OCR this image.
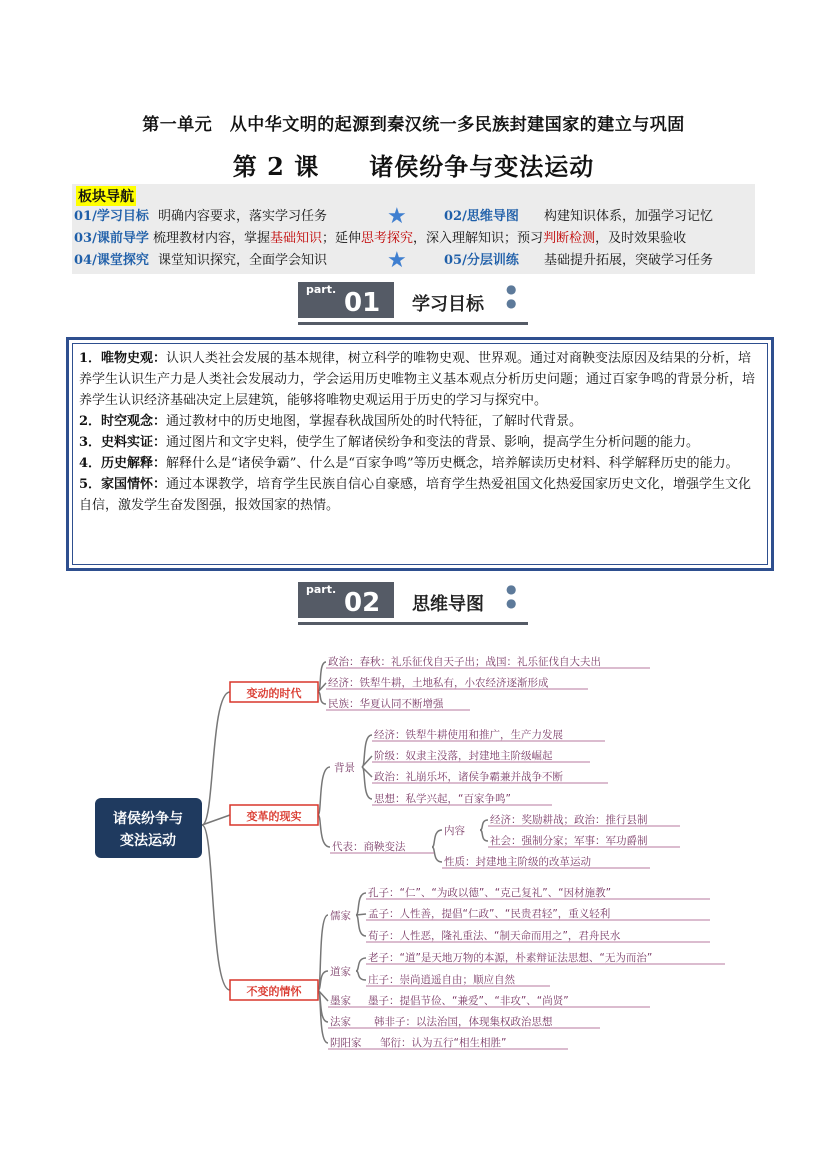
第一单元　从中华文明的起源到秦汉统一多民族封建国家的建立与巩固
第 2 课　　诸侯纷争与变法运动
板块导航
01/学习目标 明确内容要求，落实学习任务	02/思维导图 构建知识体系，加强学习记忆
★
03/课前导学 梳理教材内容，掌握基础知识；延伸思考探究，深入理解知识；预习判断检测，及时效果验收
04/课堂探究 课堂知识探究，全面学会知识	05/分层训练 基础提升拓展，突破学习任务
★
part. 01 学习目标
● ●
1．唯物史观：认识人类社会发展的基本规律，树立科学的唯物史观、世界观。通过对商鞅变法原因及结果的分析，培养学生认识生产力是人类社会发展动力，学会运用历史唯物主义基本观点分析历史问题；通过百家争鸣的背景分析，培养学生认识经济基础决定上层建筑，能够将唯物史观运用于历史的学习与探究中。
2．时空观念：通过教材中的历史地图，掌握春秋战国所处的时代特征，了解时代背景。
3．史料实证：通过图片和文字史料，使学生了解诸侯纷争和变法的背景、影响，提高学生分析问题的能力。
4．历史解释：解释什么是“诸侯争霸”、什么是“百家争鸣”等历史概念，培养解读历史材料、科学解释历史的能力。
5．家国情怀：通过本课教学，培育学生民族自信心自豪感，培育学生热爱祖国文化热爱国家历史文化，增强学生文化自信，激发学生奋发图强，报效国家的热情。
part. 02 思维导图
● ●
诸侯纷争与
变法运动
变动的时代
变革的现实
不变的情怀
政治：春秋：礼乐征伐自天子出；战国：礼乐征伐自大夫出
经济：铁犁牛耕，土地私有，小农经济逐渐形成
民族：华夏认同不断增强
背景
经济：铁犁牛耕使用和推广，生产力发展
阶级：奴隶主没落，封建地主阶级崛起
政治：礼崩乐坏，诸侯争霸兼并战争不断
思想：私学兴起，“百家争鸣”
代表：商鞅变法
内容
经济：奖励耕战；政治：推行县制
社会：强制分家；军事：军功爵制
性质：封建地主阶级的改革运动
儒家
孔子：“仁”、“为政以德”、“克己复礼”、“因材施教”
孟子：人性善，提倡“仁政”、“民贵君轻”，重义轻利
荀子：人性恶，隆礼重法、“制天命而用之”，君舟民水
道家
老子：“道”是天地万物的本源，朴素辩证法思想、“无为而治”
庄子：崇尚逍遥自由；顺应自然
墨家 墨子：提倡节俭、“兼爱”、“非攻”、“尚贤”
法家 韩非子：以法治国，体现集权政治思想
阴阳家 邹衍：认为五行“相生相胜”
